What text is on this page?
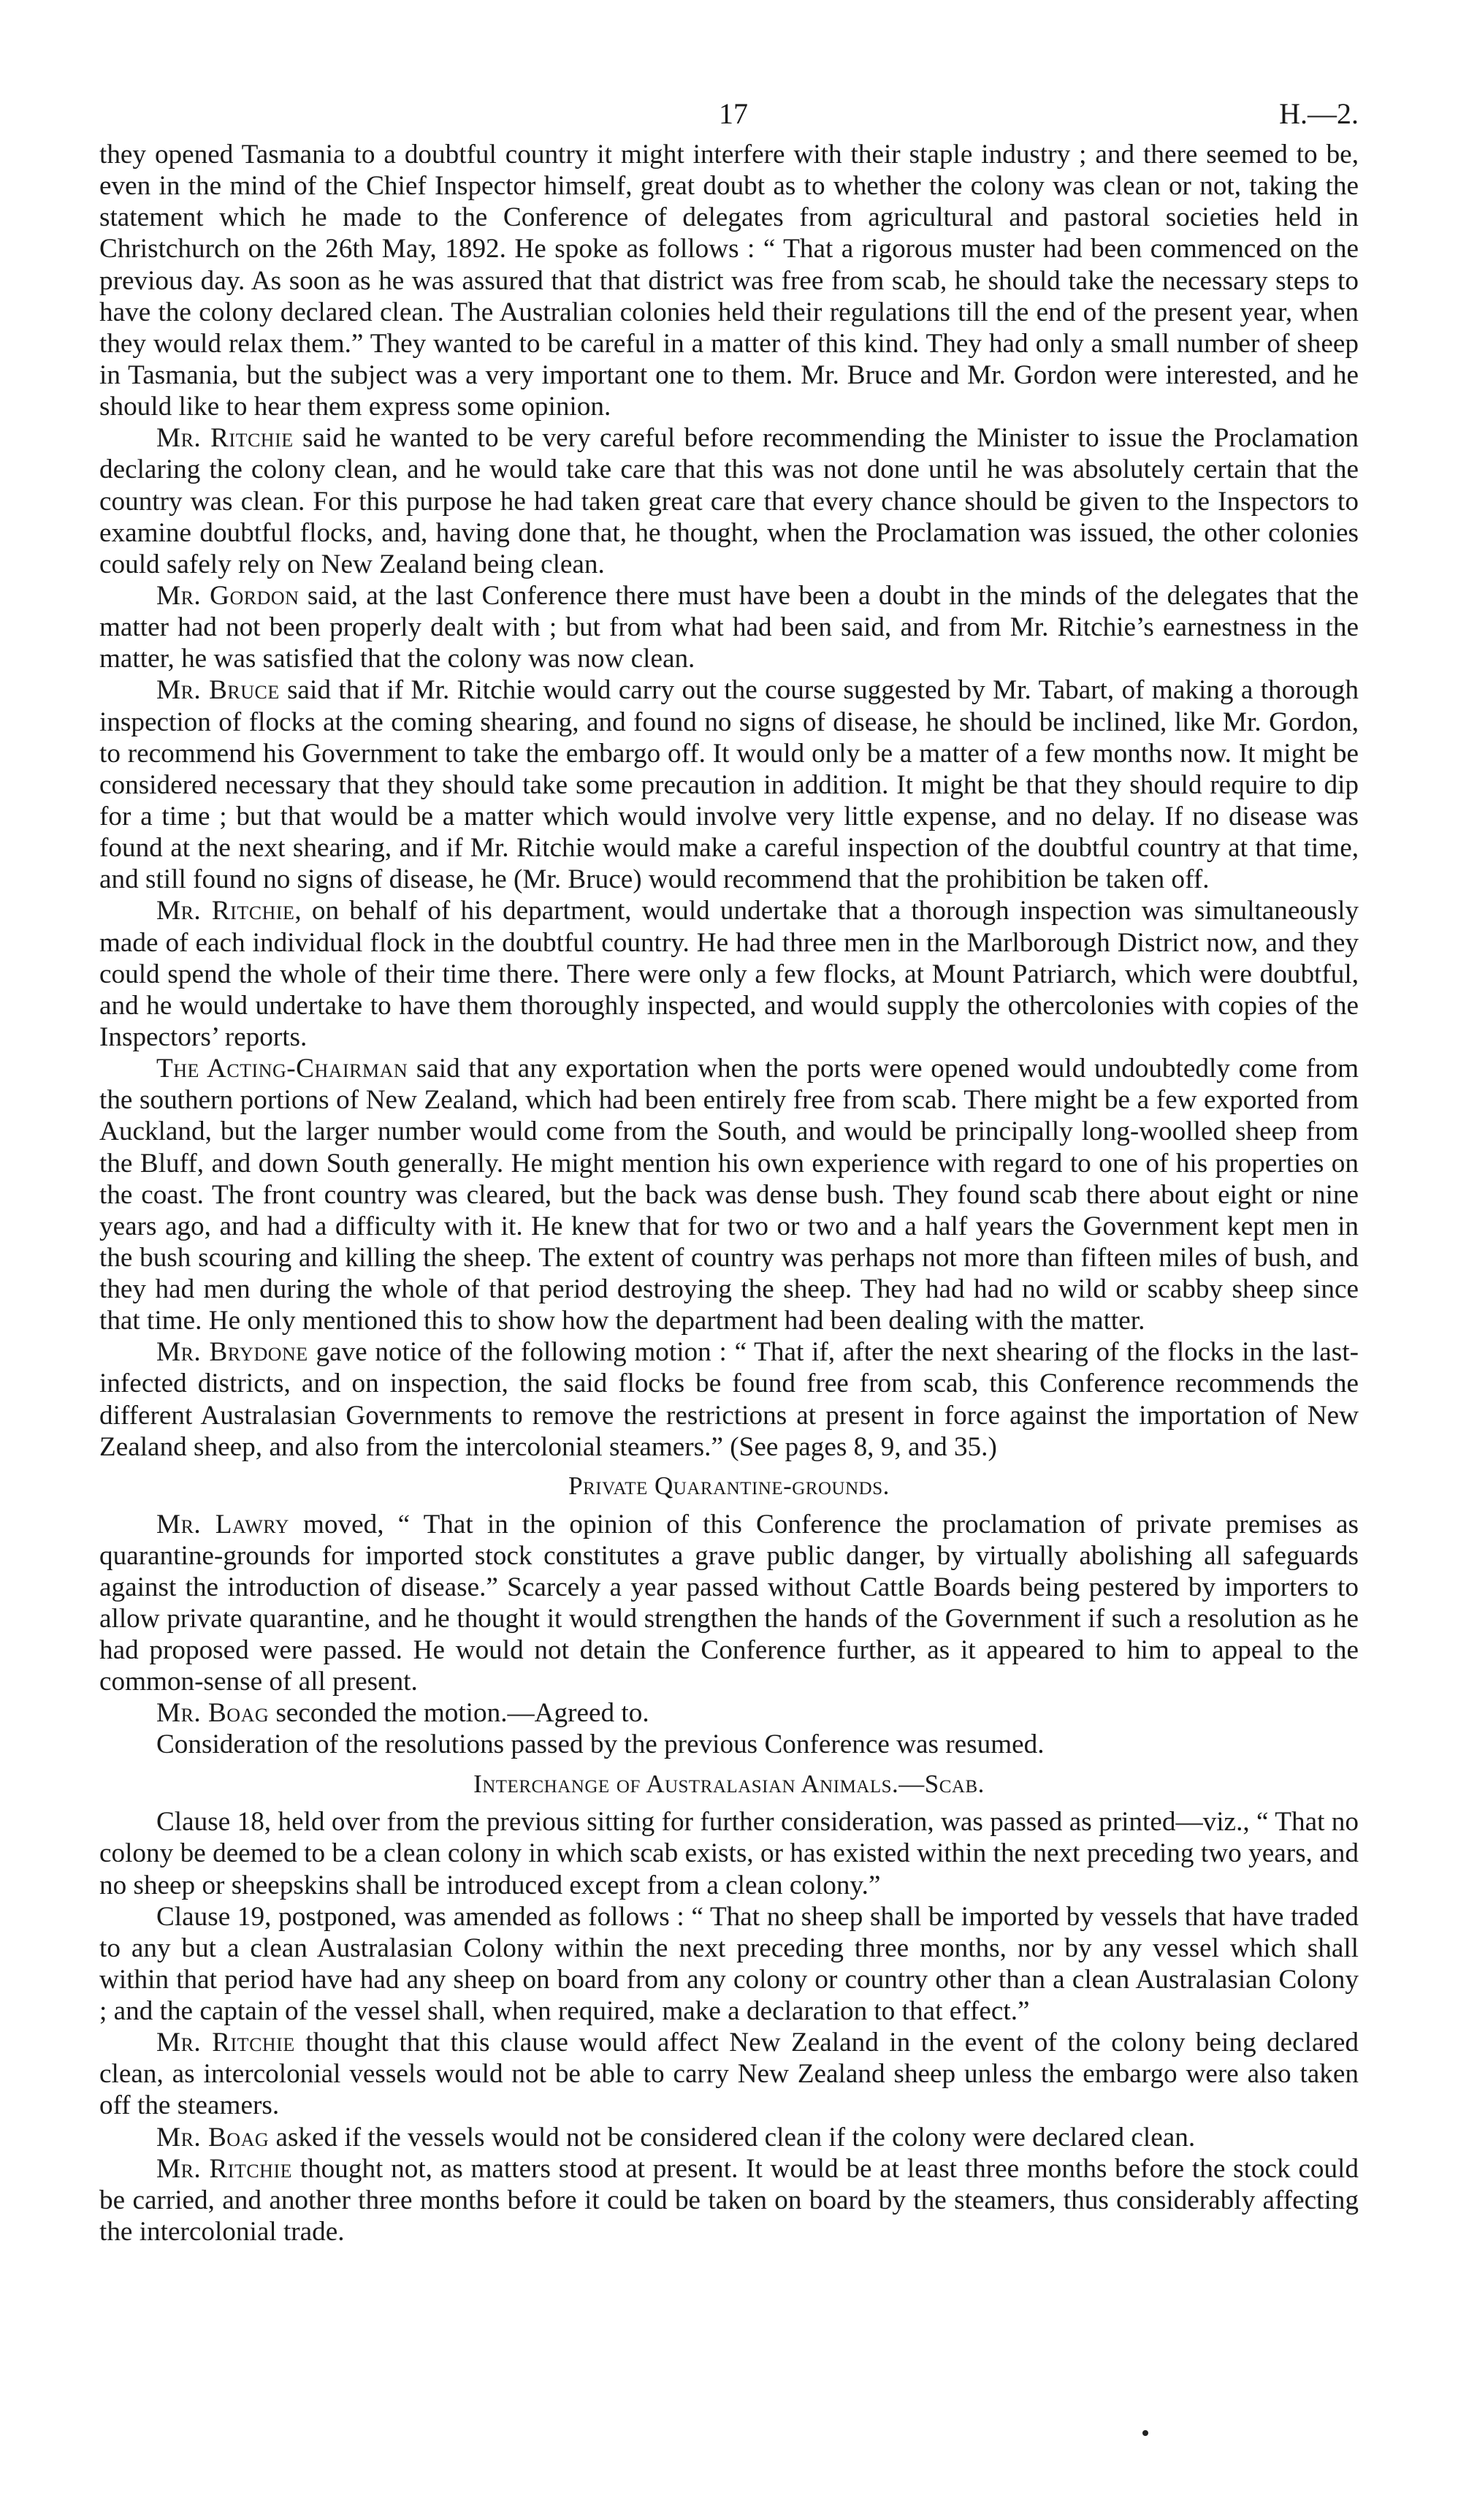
17	H.—2.

they opened Tasmania to a doubtful country it might interfere with their staple industry ; and there seemed to be, even in the mind of the Chief Inspector himself, great doubt as to whether the colony was clean or not, taking the statement which he made to the Conference of delegates from agricultural and pastoral societies held in Christchurch on the 26th May, 1892. He spoke as follows : “ That a rigorous muster had been commenced on the previous day. As soon as he was assured that that district was free from scab, he should take the necessary steps to have the colony declared clean. The Australian colonies held their regulations till the end of the present year, when they would relax them.” They wanted to be careful in a matter of this kind. They had only a small number of sheep in Tasmania, but the subject was a very important one to them. Mr. Bruce and Mr. Gordon were interested, and he should like to hear them express some opinion.

Mr. Ritchie said he wanted to be very careful before recommending the Minister to issue the Proclamation declaring the colony clean, and he would take care that this was not done until he was absolutely certain that the country was clean. For this purpose he had taken great care that every chance should be given to the Inspectors to examine doubtful flocks, and, having done that, he thought, when the Proclamation was issued, the other colonies could safely rely on New Zealand being clean.

Mr. Gordon said, at the last Conference there must have been a doubt in the minds of the delegates that the matter had not been properly dealt with ; but from what had been said, and from Mr. Ritchie’s earnestness in the matter, he was satisfied that the colony was now clean.

Mr. Bruce said that if Mr. Ritchie would carry out the course suggested by Mr. Tabart, of making a thorough inspection of flocks at the coming shearing, and found no signs of disease, he should be inclined, like Mr. Gordon, to recommend his Government to take the embargo off. It would only be a matter of a few months now. It might be considered necessary that they should take some precaution in addition. It might be that they should require to dip for a time ; but that would be a matter which would involve very little expense, and no delay. If no disease was found at the next shearing, and if Mr. Ritchie would make a careful inspection of the doubtful country at that time, and still found no signs of disease, he (Mr. Bruce) would recommend that the prohibition be taken off.

Mr. Ritchie, on behalf of his department, would undertake that a thorough inspection was simultaneously made of each individual flock in the doubtful country. He had three men in the Marlborough District now, and they could spend the whole of their time there. There were only a few flocks, at Mount Patriarch, which were doubtful, and he would undertake to have them thoroughly inspected, and would supply the othercolonies with copies of the Inspectors’ reports.

The Acting-Chairman said that any exportation when the ports were opened would undoubtedly come from the southern portions of New Zealand, which had been entirely free from scab. There might be a few exported from Auckland, but the larger number would come from the South, and would be principally long-woolled sheep from the Bluff, and down South generally. He might mention his own experience with regard to one of his properties on the coast. The front country was cleared, but the back was dense bush. They found scab there about eight or nine years ago, and had a difficulty with it. He knew that for two or two and a half years the Government kept men in the bush scouring and killing the sheep. The extent of country was perhaps not more than fifteen miles of bush, and they had men during the whole of that period destroying the sheep. They had had no wild or scabby sheep since that time. He only mentioned this to show how the department had been dealing with the matter.

Mr. Brydone gave notice of the following motion : “ That if, after the next shearing of the flocks in the last-infected districts, and on inspection, the said flocks be found free from scab, this Conference recommends the different Australasian Governments to remove the restrictions at present in force against the importation of New Zealand sheep, and also from the intercolonial steamers.” (See pages 8, 9, and 35.)

Private Quarantine-grounds.

Mr. Lawry moved, “ That in the opinion of this Conference the proclamation of private premises as quarantine-grounds for imported stock constitutes a grave public danger, by virtually abolishing all safeguards against the introduction of disease.” Scarcely a year passed without Cattle Boards being pestered by importers to allow private quarantine, and he thought it would strengthen the hands of the Government if such a resolution as he had proposed were passed. He would not detain the Conference further, as it appeared to him to appeal to the common-sense of all present.

Mr. Boag seconded the motion.—Agreed to.

Consideration of the resolutions passed by the previous Conference was resumed.

Interchange of Australasian Animals.—Scab.

Clause 18, held over from the previous sitting for further consideration, was passed as printed—viz., “ That no colony be deemed to be a clean colony in which scab exists, or has existed within the next preceding two years, and no sheep or sheepskins shall be introduced except from a clean colony.”

Clause 19, postponed, was amended as follows : “ That no sheep shall be imported by vessels that have traded to any but a clean Australasian Colony within the next preceding three months, nor by any vessel which shall within that period have had any sheep on board from any colony or country other than a clean Australasian Colony ; and the captain of the vessel shall, when required, make a declaration to that effect.”

Mr. Ritchie thought that this clause would affect New Zealand in the event of the colony being declared clean, as intercolonial vessels would not be able to carry New Zealand sheep unless the embargo were also taken off the steamers.

Mr. Boag asked if the vessels would not be considered clean if the colony were declared clean.

Mr. Ritchie thought not, as matters stood at present. It would be at least three months before the stock could be carried, and another three months before it could be taken on board by the steamers, thus considerably affecting the intercolonial trade.
